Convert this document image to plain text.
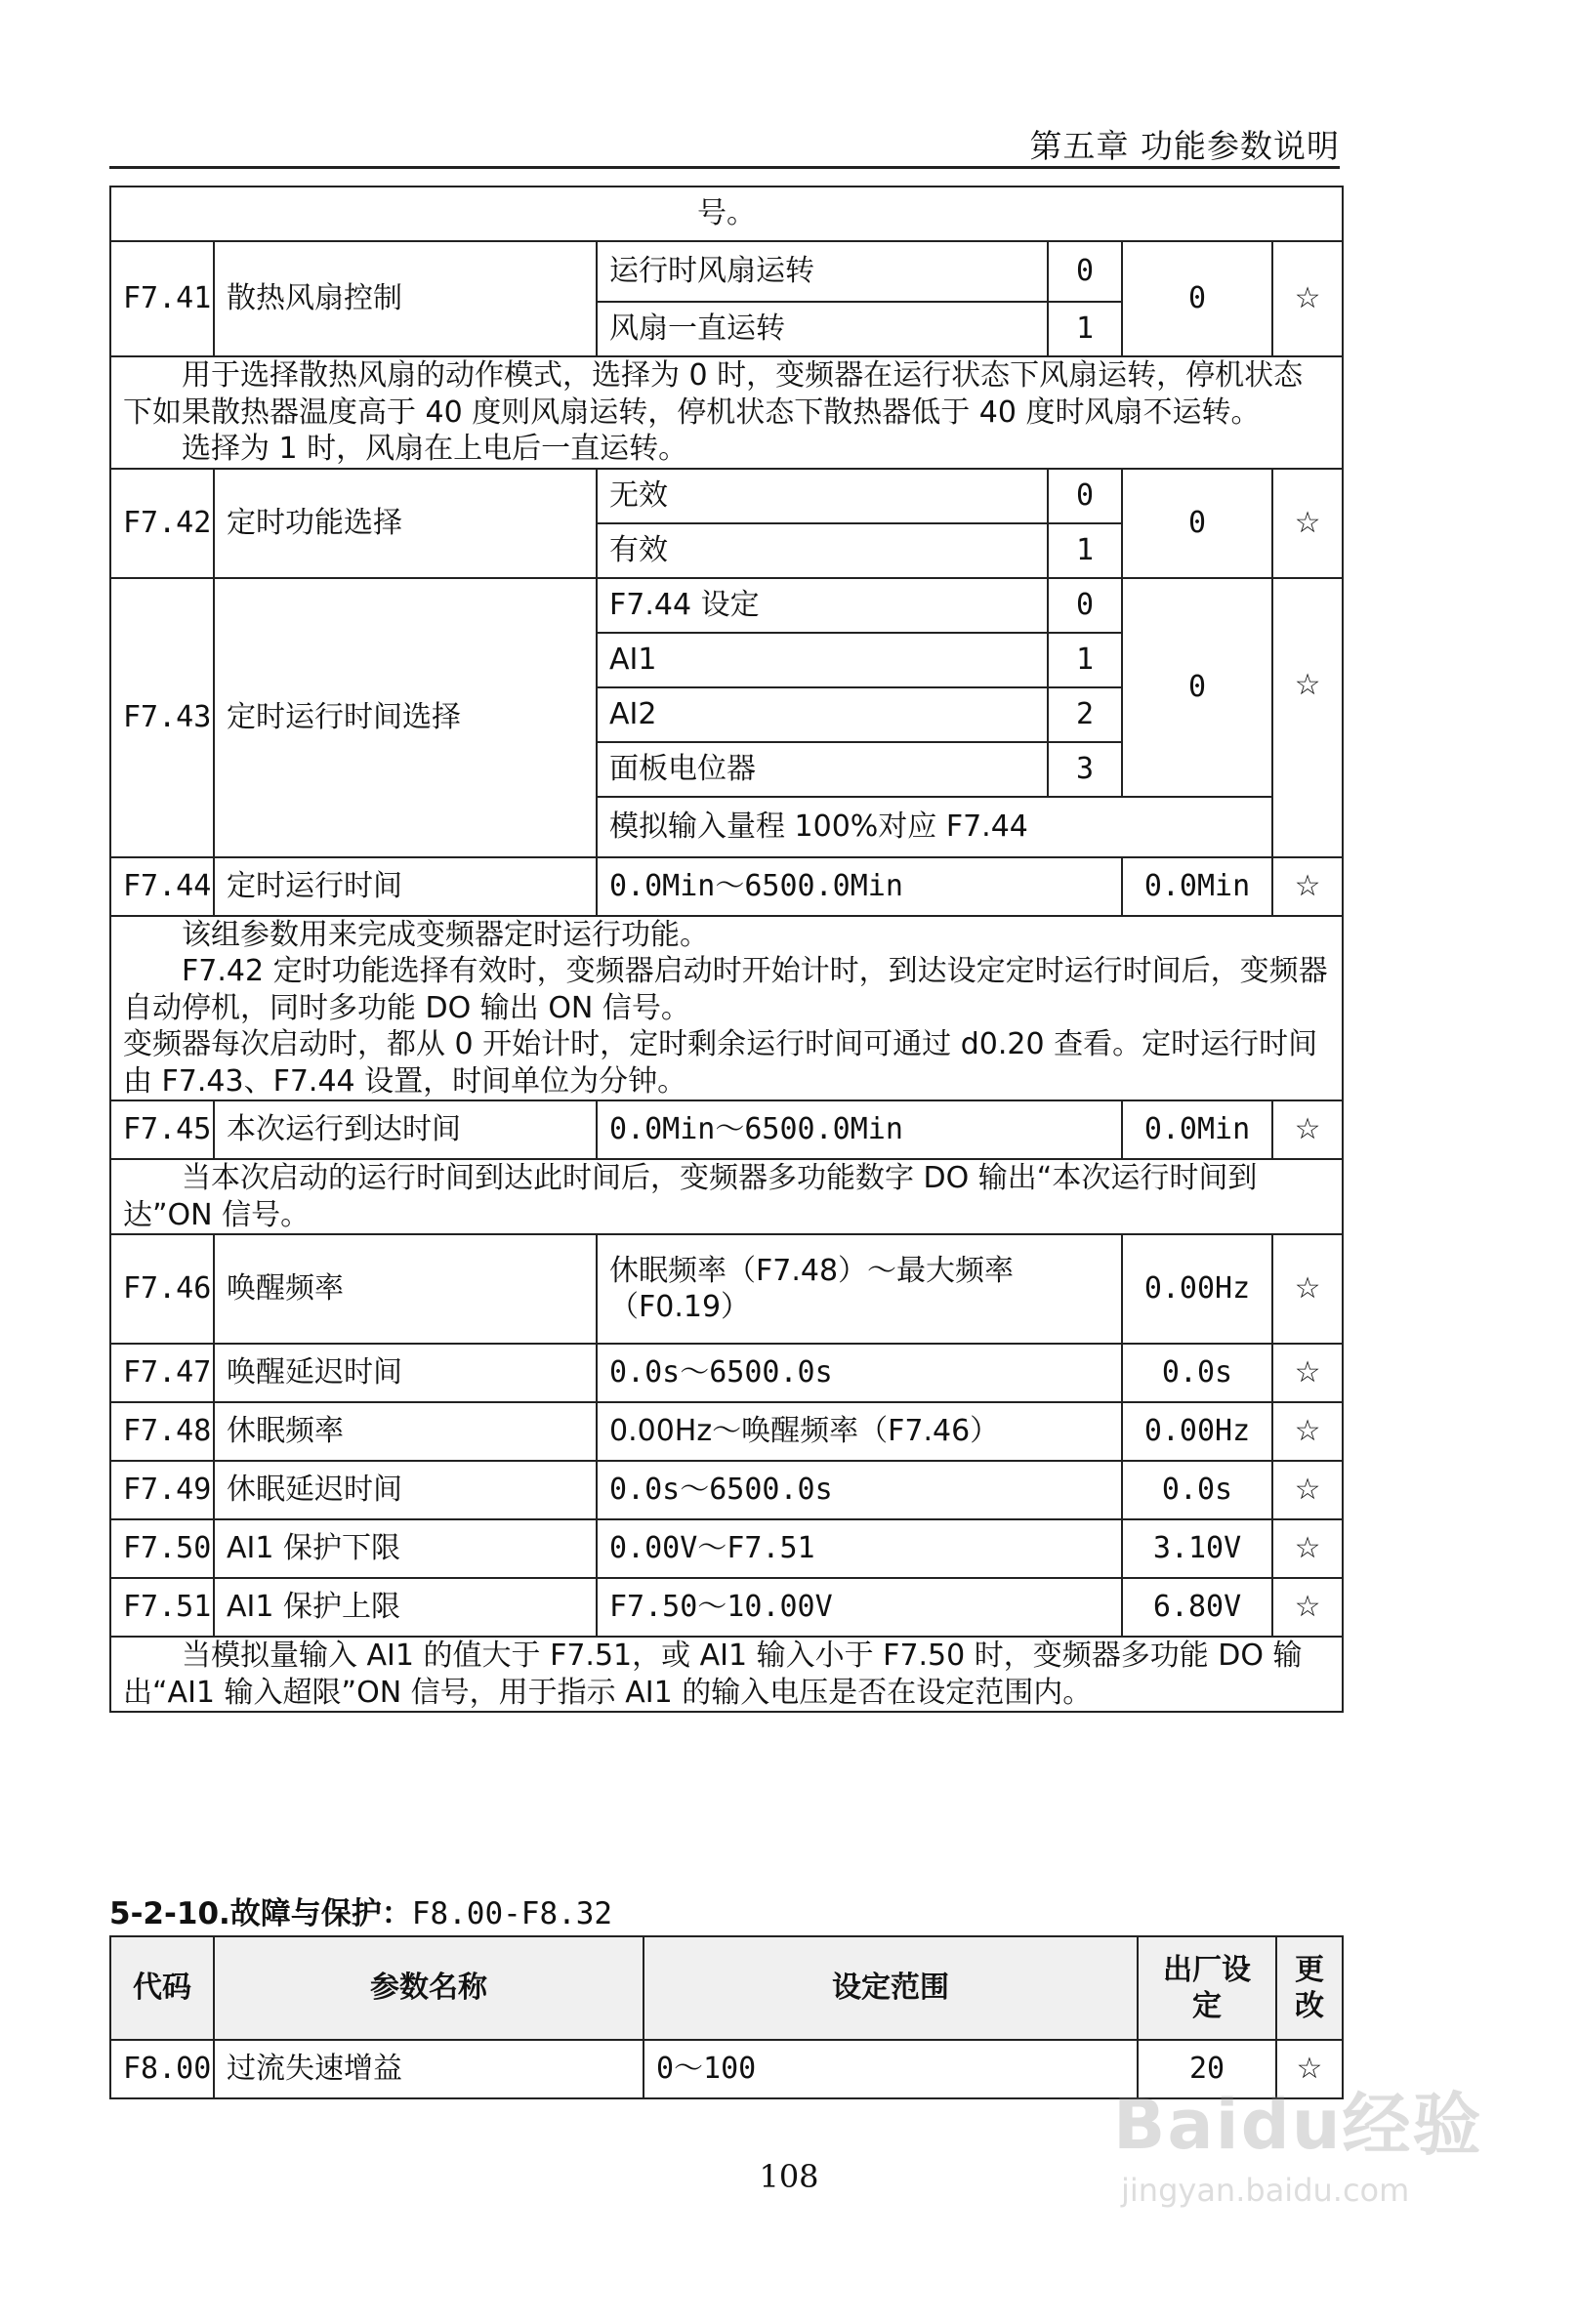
第五章 功能参数说明
号。					
F7.41	散热风扇控制	运行时风扇运转	0	0	☆
		风扇一直运转	1		

用于选择散热风扇的动作模式，选择为 0 时，变频器在运行状态下风扇运转，停机状态下如果散热器温度高于 40 度则风扇运转，停机状态下散热器低于 40 度时风扇不运转。

选择为 1 时，风扇在上电后一直运转。					

F7.42	定时功能选择	无效	0	0	☆
		有效	1		
F7.43	定时运行时间选择	F7.44 设定	0	0	☆
		AI1	1		
		AI2	2		
		面板电位器	3		
		模拟输入量程 100%对应 F7.44			
F7.44	定时运行时间	0.0Min～6500.0Min		0.0Min	☆

该组参数用来完成变频器定时运行功能。

F7.42 定时功能选择有效时，变频器启动时开始计时，到达设定定时运行时间后，变频器自动停机，同时多功能 DO 输出 ON 信号。

变频器每次启动时，都从 0 开始计时，定时剩余运行时间可通过 d0.20 查看。定时运行时间由 F7.43、F7.44 设置，时间单位为分钟。					

F7.45	本次运行到达时间	0.0Min～6500.0Min		0.0Min	☆

当本次启动的运行时间到达此时间后，变频器多功能数字 DO 输出“本次运行时间到达”ON 信号。					

F7.46	唤醒频率	休眠频率（F7.48）～最大频率（F0.19）		0.00Hz	☆
F7.47	唤醒延迟时间	0.0s～6500.0s		0.0s	☆
F7.48	休眠频率	0.00Hz～唤醒频率（F7.46）		0.00Hz	☆
F7.49	休眠延迟时间	0.0s～6500.0s		0.0s	☆
F7.50	AI1 保护下限	0.00V～F7.51		3.10V	☆
F7.51	AI1 保护上限	F7.50～10.00V		6.80V	☆

当模拟量输入 AI1 的值大于 F7.51，或 AI1 输入小于 F7.50 时，变频器多功能 DO 输出“AI1 输入超限”ON 信号，用于指示 AI1 的输入电压是否在设定范围内。					

5-2-10.故障与保护：F8.00-F8.32
代码	参数名称	设定范围	出厂设定	更改
F8.00	过流失速增益	0～100	20	☆
108
Baidu经验
jingyan.baidu.com
